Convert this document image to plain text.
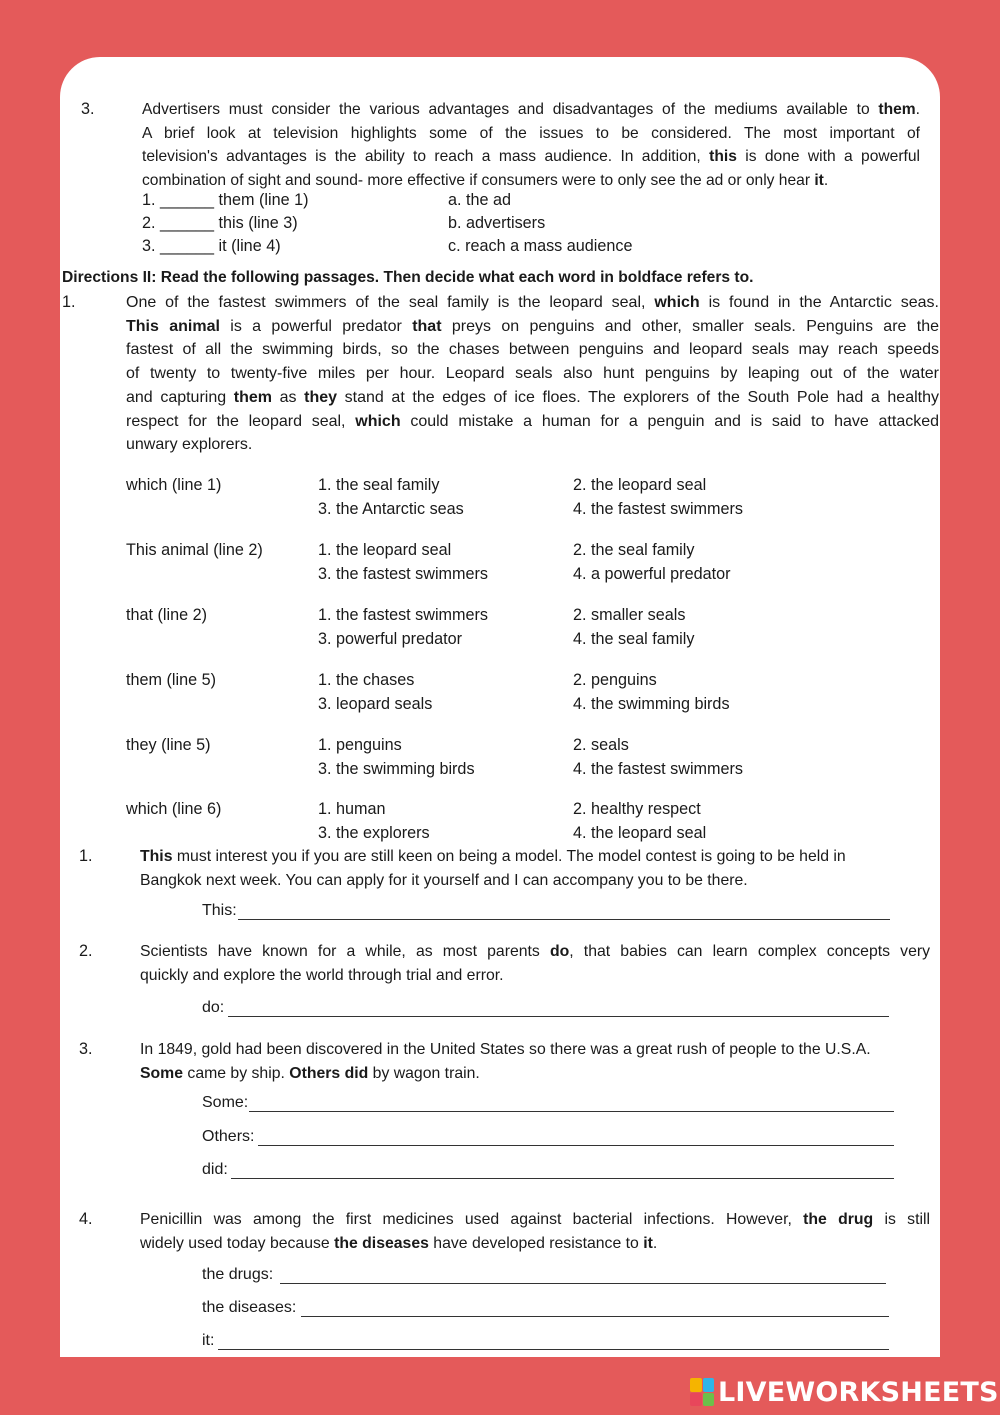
3.	Advertisers must consider the various advantages and disadvantages of the mediums available to them.
A brief look at television highlights some of the issues to be considered. The most important of
television's advantages is the ability to reach a mass audience. In addition, this is done with a powerful
combination of sight and sound- more effective if consumers were to only see the ad or only hear it.
1. ______ them (line 1)	a. the ad
2. ______ this (line 3)	b. advertisers
3. ______ it (line 4)	c. reach a mass audience
Directions II: Read the following passages. Then decide what each word in boldface refers to.
1.	One of the fastest swimmers of the seal family is the leopard seal, which is found in the Antarctic seas.
This animal is a powerful predator that preys on penguins and other, smaller seals. Penguins are the
fastest of all the swimming birds, so the chases between penguins and leopard seals may reach speeds
of twenty to twenty-five miles per hour. Leopard seals also hunt penguins by leaping out of the water
and capturing them as they stand at the edges of ice floes. The explorers of the South Pole had a healthy
respect for the leopard seal, which could mistake a human for a penguin and is said to have attacked
unwary explorers.
which (line 1)	1. the seal family	2. the leopard seal
3. the Antarctic seas	4. the fastest swimmers
This animal (line 2)	1. the leopard seal	2. the seal family
3. the fastest swimmers	4. a powerful predator
that (line 2)	1. the fastest swimmers	2. smaller seals
3. powerful predator	4. the seal family
them (line 5)	1. the chases	2. penguins
3. leopard seals	4. the swimming birds
they (line 5)	1. penguins	2. seals
3. the swimming birds	4. the fastest swimmers
which (line 6)	1. human	2. healthy respect
3. the explorers	4. the leopard seal
1.	This must interest you if you are still keen on being a model. The model contest is going to be held in
Bangkok next week. You can apply for it yourself and I can accompany you to be there.
This:
2.	Scientists have known for a while, as most parents do, that babies can learn complex concepts very
quickly and explore the world through trial and error.
do:
3.	In 1849, gold had been discovered in the United States so there was a great rush of people to the U.S.A.
Some came by ship. Others did by wagon train.
Some:
Others:
did:
4.	Penicillin was among the first medicines used against bacterial infections. However, the drug is still
widely used today because the diseases have developed resistance to it.
the drugs:
the diseases:
it:
LIVEWORKSHEETS
